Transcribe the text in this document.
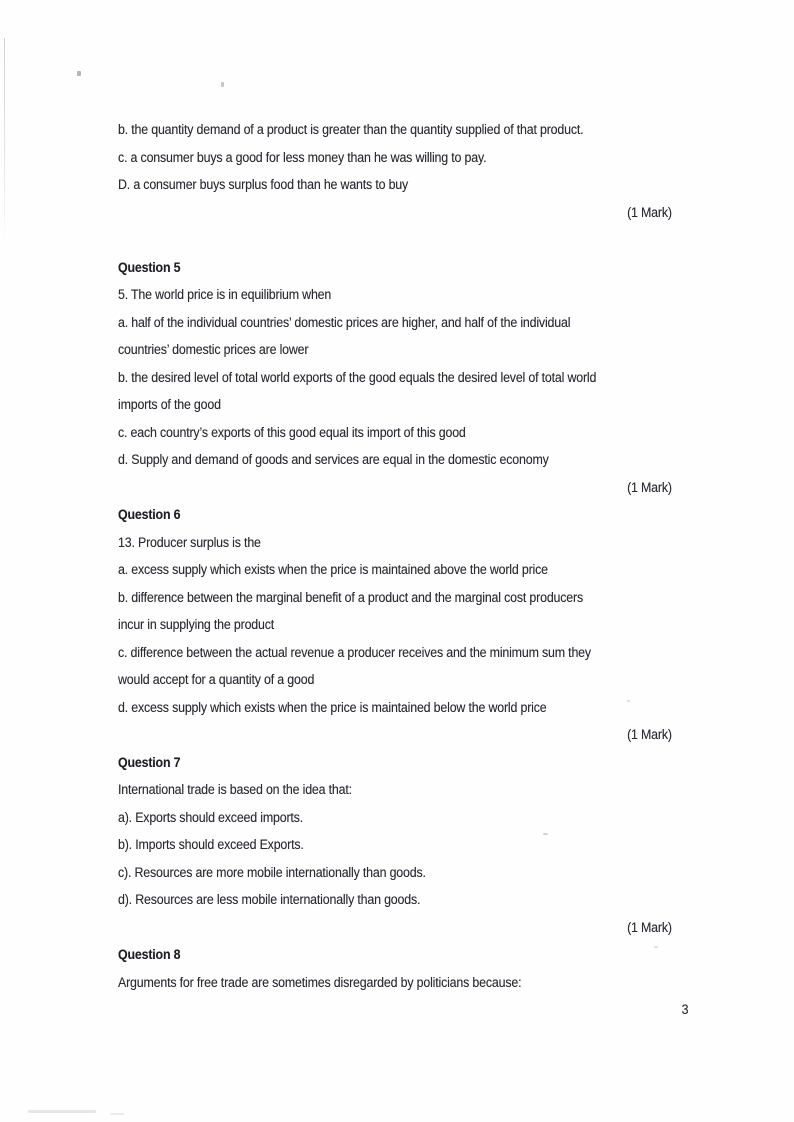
b. the quantity demand of a product is greater than the quantity supplied of that product.
c. a consumer buys a good for less money than he was willing to pay.
D. a consumer buys surplus food than he wants to buy
(1 Mark)
Question 5
5. The world price is in equilibrium when
a. half of the individual countries’ domestic prices are higher, and half of the individual
countries’ domestic prices are lower
b. the desired level of total world exports of the good equals the desired level of total world
imports of the good
c. each country’s exports of this good equal its import of this good
d. Supply and demand of goods and services are equal in the domestic economy
(1 Mark)
Question 6
13. Producer surplus is the
a. excess supply which exists when the price is maintained above the world price
b. difference between the marginal benefit of a product and the marginal cost producers
incur in supplying the product
c. difference between the actual revenue a producer receives and the minimum sum they
would accept for a quantity of a good
d. excess supply which exists when the price is maintained below the world price
(1 Mark)
Question 7
International trade is based on the idea that:
a). Exports should exceed imports.
b). Imports should exceed Exports.
c). Resources are more mobile internationally than goods.
d). Resources are less mobile internationally than goods.
(1 Mark)
Question 8
Arguments for free trade are sometimes disregarded by politicians because:
3
